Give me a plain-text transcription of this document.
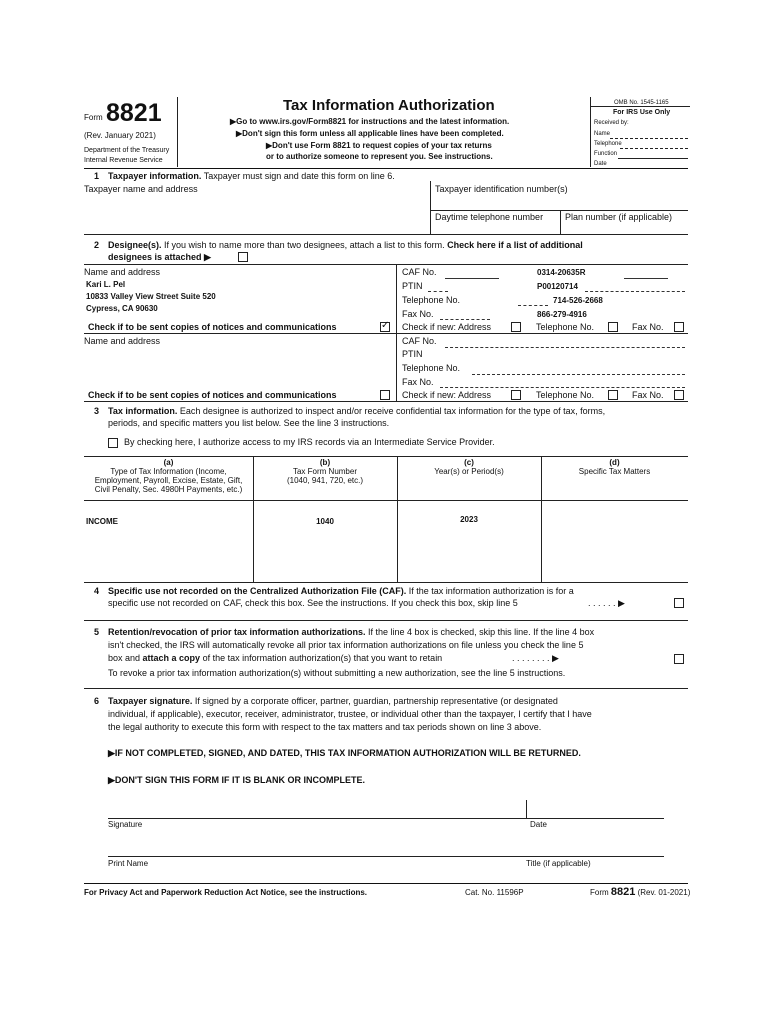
Form 8821
(Rev. January 2021)
Department of the Treasury
Internal Revenue Service
Tax Information Authorization
▶Go to www.irs.gov/Form8821 for instructions and the latest information.
▶Don't sign this form unless all applicable lines have been completed.
▶Don't use Form 8821 to request copies of your tax returns
or to authorize someone to represent you. See instructions.
OMB No. 1545-1165
For IRS Use Only
Received by:
Name
Telephone
Function
Date
1 Taxpayer information. Taxpayer must sign and date this form on line 6.
Taxpayer name and address	Taxpayer identification number(s)
Daytime telephone number Plan number (if applicable)
2 Designee(s). If you wish to name more than two designees, attach a list to this form. Check here if a list of additional
designees is attached ▶
Name and address
Kari L. Pel
10833 Valley View Street Suite 520
Cypress, CA 90630
Check if to be sent copies of notices and communications
✓
CAF No.	0314-20635R
PTIN	P00120714
Telephone No.	714-526-2668
Fax No.	866-279-4916
Check if new: Address	Telephone No.	Fax No.
Name and address
Check if to be sent copies of notices and communications
CAF No.
PTIN
Telephone No.
Fax No.
Check if new: Address	Telephone No.	Fax No.
3 Tax information. Each designee is authorized to inspect and/or receive confidential tax information for the type of tax, forms,
periods, and specific matters you list below. See the line 3 instructions.
By checking here, I authorize access to my IRS records via an Intermediate Service Provider.
(a)
Type of Tax Information (Income,
Employment, Payroll, Excise, Estate, Gift,
Civil Penalty, Sec. 4980H Payments, etc.)
(b)
Tax Form Number
(1040, 941, 720, etc.)
(c)
Year(s) or Period(s)
(d)
Specific Tax Matters
INCOME	1040	2023
4 Specific use not recorded on the Centralized Authorization File (CAF). If the tax information authorization is for a
specific use not recorded on CAF, check this box. See the instructions. If you check this box, skip line 5	. . . . . . ▶
5 Retention/revocation of prior tax information authorizations. If the line 4 box is checked, skip this line. If the line 4 box
isn't checked, the IRS will automatically revoke all prior tax information authorizations on file unless you check the line 5
box and attach a copy of the tax information authorization(s) that you want to retain	. . . . . . . . ▶
To revoke a prior tax information authorization(s) without submitting a new authorization, see the line 5 instructions.
6 Taxpayer signature. If signed by a corporate officer, partner, guardian, partnership representative (or designated
individual, if applicable), executor, receiver, administrator, trustee, or individual other than the taxpayer, I certify that I have
the legal authority to execute this form with respect to the tax matters and tax periods shown on line 3 above.
▶IF NOT COMPLETED, SIGNED, AND DATED, THIS TAX INFORMATION AUTHORIZATION WILL BE RETURNED.
▶DON'T SIGN THIS FORM IF IT IS BLANK OR INCOMPLETE.
Signature	Date
Print Name	Title (if applicable)
For Privacy Act and Paperwork Reduction Act Notice, see the instructions.	Cat. No. 11596P	Form 8821 (Rev. 01-2021)
